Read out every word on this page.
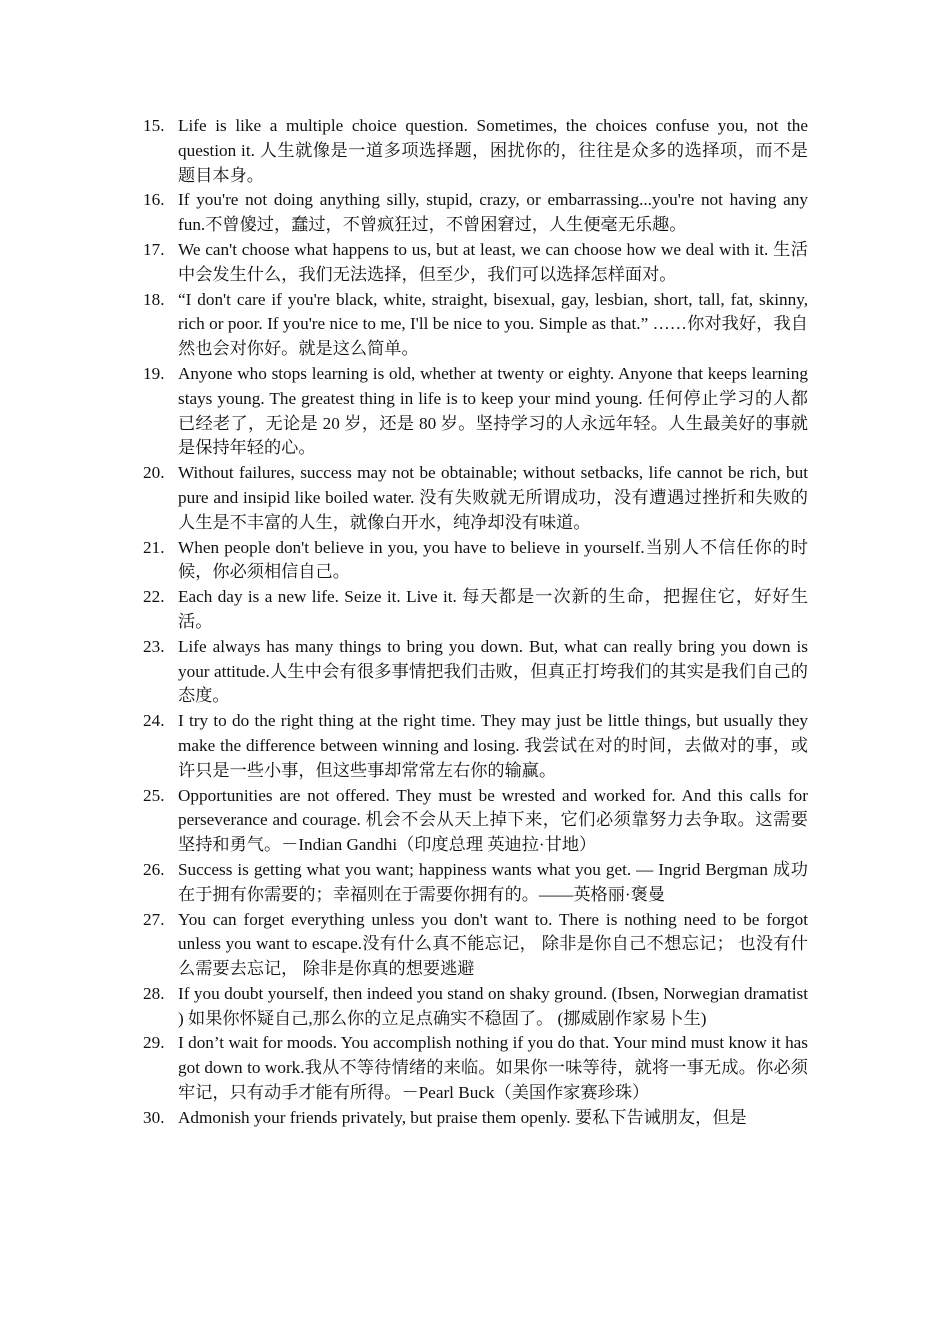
15. Life is like a multiple choice question. Sometimes, the choices confuse you, not the question it. 人生就像是一道多项选择题，困扰你的，往往是众多的选择项，而不是题目本身。
16. If you're not doing anything silly, stupid, crazy, or embarrassing...you're not having any fun.不曾傻过，蠢过，不曾疯狂过，不曾困窘过，人生便毫无乐趣。
17. We can't choose what happens to us, but at least, we can choose how we deal with it. 生活中会发生什么，我们无法选择，但至少，我们可以选择怎样面对。
18. “I don't care if you're black, white, straight, bisexual, gay, lesbian, short, tall, fat, skinny, rich or poor. If you're nice to me, I'll be nice to you. Simple as that.” ……你对我好，我自然也会对你好。就是这么简单。
19. Anyone who stops learning is old, whether at twenty or eighty. Anyone that keeps learning stays young. The greatest thing in life is to keep your mind young. 任何停止学习的人都已经老了，无论是 20 岁，还是 80 岁。坚持学习的人永远年轻。人生最美好的事就是保持年轻的心。
20. Without failures, success may not be obtainable; without setbacks, life cannot be rich, but pure and insipid like boiled water. 没有失败就无所谓成功，没有遭遇过挫折和失败的人生是不丰富的人生，就像白开水，纯净却没有味道。
21. When people don't believe in you, you have to believe in yourself.当别人不信任你的时候，你必须相信自己。
22. Each day is a new life. Seize it. Live it. 每天都是一次新的生命，把握住它，好好生活。
23. Life always has many things to bring you down. But, what can really bring you down is your attitude.人生中会有很多事情把我们击败，但真正打垮我们的其实是我们自己的态度。
24. I try to do the right thing at the right time. They may just be little things, but usually they make the difference between winning and losing. 我尝试在对的时间，去做对的事，或许只是一些小事，但这些事却常常左右你的输赢。
25. Opportunities are not offered. They must be wrested and worked for. And this calls for perseverance and courage. 机会不会从天上掉下来，它们必须靠努力去争取。这需要坚持和勇气。－Indian Gandhi（印度总理 英迪拉·甘地）
26. Success is getting what you want; happiness wants what you get. — Ingrid Bergman 成功在于拥有你需要的；幸福则在于需要你拥有的。——英格丽·褒曼
27. You can forget everything unless you don't want to. There is nothing need to be forgot unless you want to escape.没有什么真不能忘记， 除非是你自己不想忘记； 也没有什么需要去忘记， 除非是你真的想要逃避
28. If you doubt yourself, then indeed you stand on shaky ground. (Ibsen, Norwegian dramatist ) 如果你怀疑自己,那么你的立足点确实不稳固了。 (挪威剧作家易卜生)
29. I don’t wait for moods. You accomplish nothing if you do that. Your mind must know it has got down to work.我从不等待情绪的来临。如果你一味等待，就将一事无成。你必须牢记，只有动手才能有所得。－Pearl Buck（美国作家赛珍珠）
30. Admonish your friends privately, but praise them openly. 要私下告诫朋友，但是
